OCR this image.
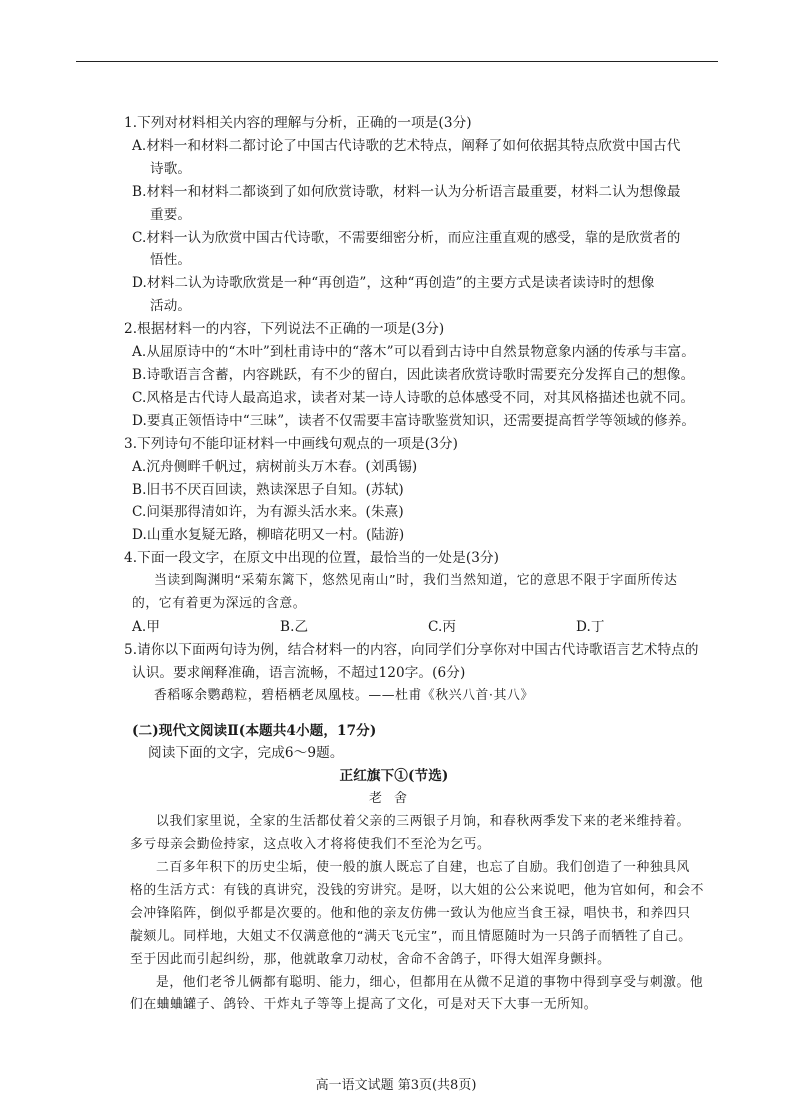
1.下列对材料相关内容的理解与分析，正确的一项是(3分)
A.材料一和材料二都讨论了中国古代诗歌的艺术特点，阐释了如何依据其特点欣赏中国古代
诗歌。
B.材料一和材料二都谈到了如何欣赏诗歌，材料一认为分析语言最重要，材料二认为想像最
重要。
C.材料一认为欣赏中国古代诗歌，不需要细密分析，而应注重直观的感受，靠的是欣赏者的
悟性。
D.材料二认为诗歌欣赏是一种“再创造”，这种“再创造”的主要方式是读者读诗时的想像
活动。
2.根据材料一的内容，下列说法不正确的一项是(3分)
A.从屈原诗中的“木叶”到杜甫诗中的“落木”可以看到古诗中自然景物意象内涵的传承与丰富。
B.诗歌语言含蓄，内容跳跃，有不少的留白，因此读者欣赏诗歌时需要充分发挥自己的想像。
C.风格是古代诗人最高追求，读者对某一诗人诗歌的总体感受不同，对其风格描述也就不同。
D.要真正领悟诗中“三昧”，读者不仅需要丰富诗歌鉴赏知识，还需要提高哲学等领域的修养。
3.下列诗句不能印证材料一中画线句观点的一项是(3分)
A.沉舟侧畔千帆过，病树前头万木春。(刘禹锡)
B.旧书不厌百回读，熟读深思子自知。(苏轼)
C.问渠那得清如许，为有源头活水来。(朱熹)
D.山重水复疑无路，柳暗花明又一村。(陆游)
4.下面一段文字，在原文中出现的位置，最恰当的一处是(3分)
当读到陶渊明“采菊东篱下，悠然见南山”时，我们当然知道，它的意思不限于字面所传达
的，它有着更为深远的含意。
A.甲	B.乙	C.丙	D.丁
5.请你以下面两句诗为例，结合材料一的内容，向同学们分享你对中国古代诗歌语言艺术特点的
认识。要求阐释准确，语言流畅，不超过120字。(6分)
香稻啄余鹦鹉粒，碧梧栖老凤凰枝。——杜甫《秋兴八首·其八》
(二)现代文阅读Ⅱ(本题共4小题，17分)
阅读下面的文字，完成6～9题。
正红旗下①(节选)
老舍
以我们家里说，全家的生活都仗着父亲的三两银子月饷，和春秋两季发下来的老米维持着。
多亏母亲会勤俭持家，这点收入才将将使我们不至沦为乞丐。
二百多年积下的历史尘垢，使一般的旗人既忘了自建，也忘了自励。我们创造了一种独具风
格的生活方式：有钱的真讲究，没钱的穷讲究。是呀，以大姐的公公来说吧，他为官如何，和会不
会冲锋陷阵，倒似乎都是次要的。他和他的亲友仿佛一致认为他应当食王禄，唱快书，和养四只
靛颏儿。同样地，大姐丈不仅满意他的“满天飞元宝”，而且情愿随时为一只鸽子而牺牲了自己。
至于因此而引起纠纷，那，他就敢拿刀动杖，舍命不舍鸽子，吓得大姐浑身颤抖。
是，他们老爷儿俩都有聪明、能力，细心，但都用在从微不足道的事物中得到享受与刺激。他
们在蛐蛐罐子、鸽铃、干炸丸子等等上提高了文化，可是对天下大事一无所知。
高一语文试题 第3页(共8页)
